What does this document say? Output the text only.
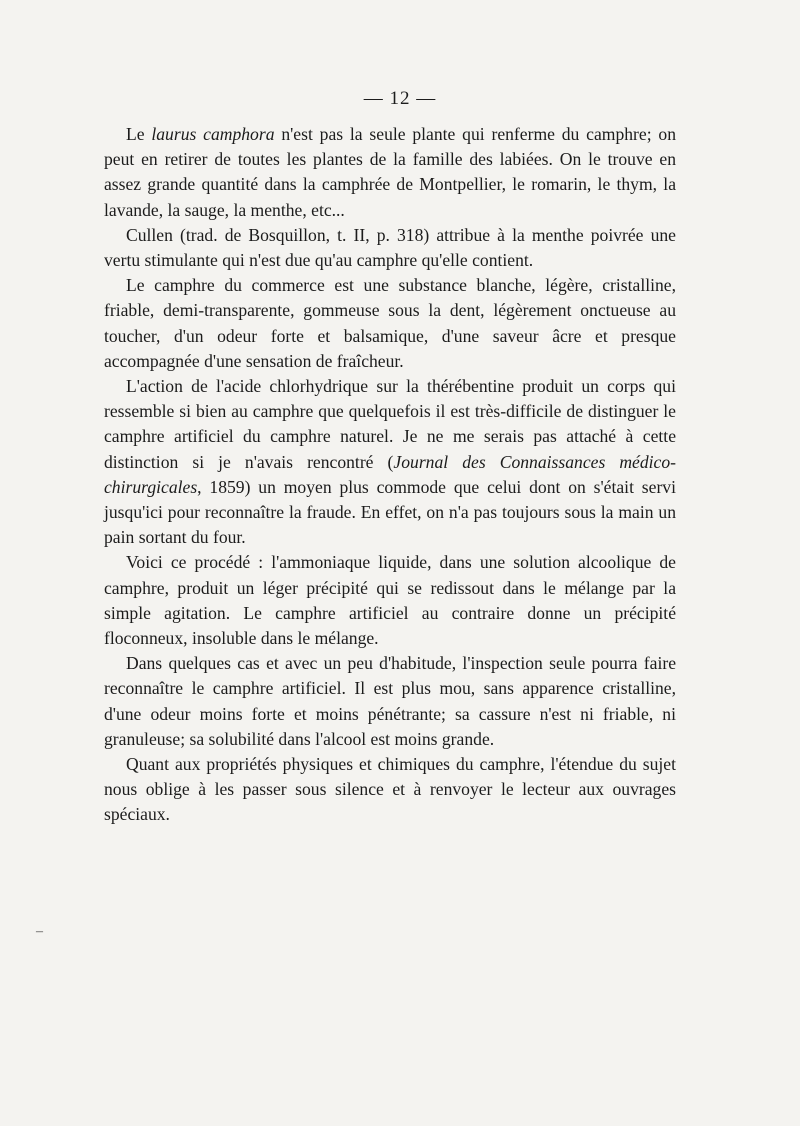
— 12 —

Le laurus camphora n'est pas la seule plante qui renferme du camphre; on peut en retirer de toutes les plantes de la famille des labiées. On le trouve en assez grande quantité dans la camphrée de Montpellier, le romarin, le thym, la lavande, la sauge, la menthe, etc...

Cullen (trad. de Bosquillon, t. II, p. 318) attribue à la menthe poivrée une vertu stimulante qui n'est due qu'au camphre qu'elle contient.

Le camphre du commerce est une substance blanche, légère, cristalline, friable, demi-transparente, gommeuse sous la dent, légèrement onctueuse au toucher, d'un odeur forte et balsamique, d'une saveur âcre et presque accompagnée d'une sensation de fraîcheur.

L'action de l'acide chlorhydrique sur la thérébentine produit un corps qui ressemble si bien au camphre que quelquefois il est très-difficile de distinguer le camphre artificiel du camphre naturel. Je ne me serais pas attaché à cette distinction si je n'avais rencontré (Journal des Connaissances médico-chirurgicales, 1859) un moyen plus commode que celui dont on s'était servi jusqu'ici pour reconnaître la fraude. En effet, on n'a pas toujours sous la main un pain sortant du four.

Voici ce procédé : l'ammoniaque liquide, dans une solution alcoolique de camphre, produit un léger précipité qui se redissout dans le mélange par la simple agitation. Le camphre artificiel au contraire donne un précipité floconneux, insoluble dans le mélange.

Dans quelques cas et avec un peu d'habitude, l'inspection seule pourra faire reconnaître le camphre artificiel. Il est plus mou, sans apparence cristalline, d'une odeur moins forte et moins pénétrante; sa cassure n'est ni friable, ni granuleuse; sa solubilité dans l'alcool est moins grande.

Quant aux propriétés physiques et chimiques du camphre, l'étendue du sujet nous oblige à les passer sous silence et à renvoyer le lecteur aux ouvrages spéciaux.

–
